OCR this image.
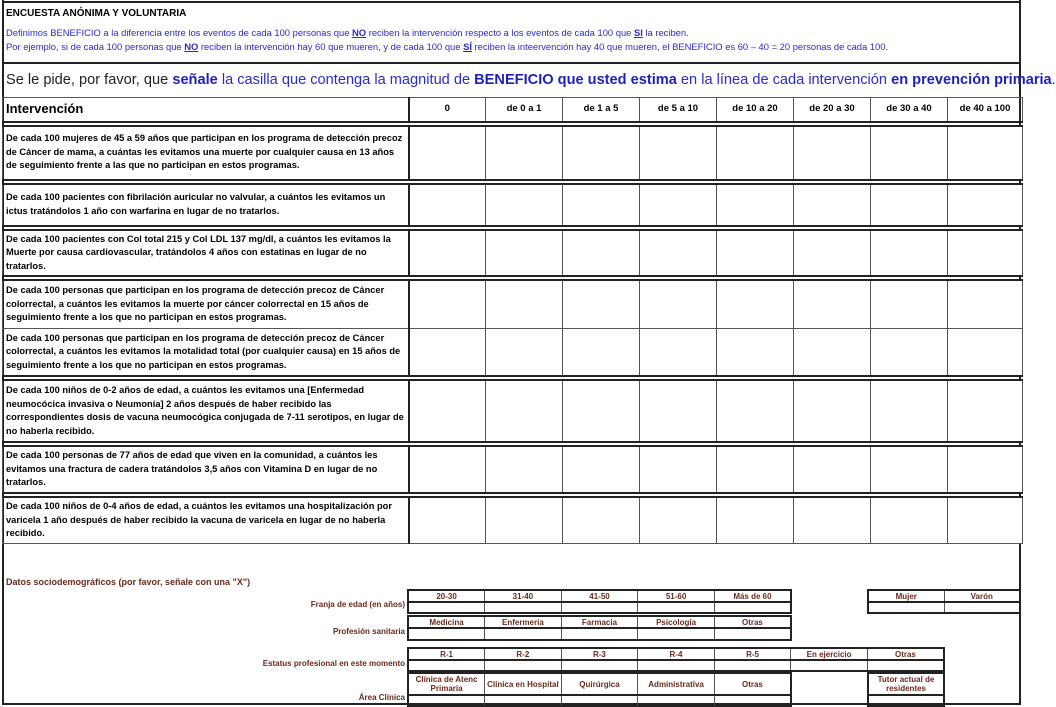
ENCUESTA ANÓNIMA Y VOLUNTARIA
Definimos BENEFICIO a la diferencia entre los eventos de cada 100 personas que NO reciben la intervención respecto a los eventos de cada 100 que SI la reciben.
Por ejemplo, si de cada 100 personas que NO reciben la intervención hay 60 que mueren, y de cada 100 que SÍ reciben la inteervención hay 40 que mueren, el BENEFICIO es 60 – 40 = 20 personas de cada 100.
Se le pide, por favor, que señale la casilla que contenga la magnitud de BENEFICIO que usted estima en la línea de cada intervención en prevención primaria.
Intervención	0	de 0 a 1	de 1 a 5	de 5 a 10	de 10 a 20	de 20 a 30	de 30 a 40	de 40 a 100

De cada 100 mujeres de 45 a 59 años que participan en los programa de detección precoz de Cáncer de mama, a cuántas les evitamos una muerte por cualquier causa en 13 años de seguimiento frente a las que no participan en estos programas.								

De cada 100 pacientes con fibrilación auricular no valvular, a cuántos les evitamos un ictus tratándolos 1 año con warfarina en lugar de no tratarlos.								

De cada 100 pacientes con Col total 215 y Col LDL 137 mg/dl, a cuántos les evitamos la Muerte por causa cardiovascular, tratándolos 4 años con estatinas en lugar de no tratarlos.								

De cada 100 personas que participan en los programa de detección precoz de Cáncer colorrectal, a cuántos les evitamos la muerte por cáncer colorrectal en 15 años de seguimiento frente a los que no participan en estos programas.								
De cada 100 personas que participan en los programa de detección precoz de Cáncer colorrectal, a cuántos les evitamos la motalidad total (por cualquier causa) en 15 años de seguimiento frente a los que no participan en estos programas.								

De cada 100 niños de 0-2 años de edad, a cuántos les evitamos una [Enfermedad neumocócica invasiva o Neumonía] 2 años después de haber recibido las correspondientes dosis de vacuna neumocógica conjugada de 7-11 serotipos, en lugar de no haberla recibido.								

De cada 100 personas de 77 años de edad que viven en la comunidad, a cuántos les evitamos una fractura de cadera tratándolos 3,5 años con Vitamina D en lugar de no tratarlos.								

De cada 100 niños de 0-4 años de edad, a cuántos les evitamos una hospitalización por varicela 1 año después de haber recibido la vacuna de varicela en lugar de no haberla recibido.								
Datos sociodemográficos (por favor, señale con una "X")
Franja de edad (en años)
20-30	31-40	41-50	51-60	Más de 60
					Mujer	Varón

Profesión sanitaria
Medicina	Enfermería	Farmacia	Psicología	Otras

Estatus profesional en este momento
R-1	R-2	R-3	R-4	R-5	En ejercicio	Otras

Área Clínica
Clínica de Atenc Primaria	Clínica en Hospital	Quirúrgica	Administrativa	Otras
					Tutor actual de residentes
